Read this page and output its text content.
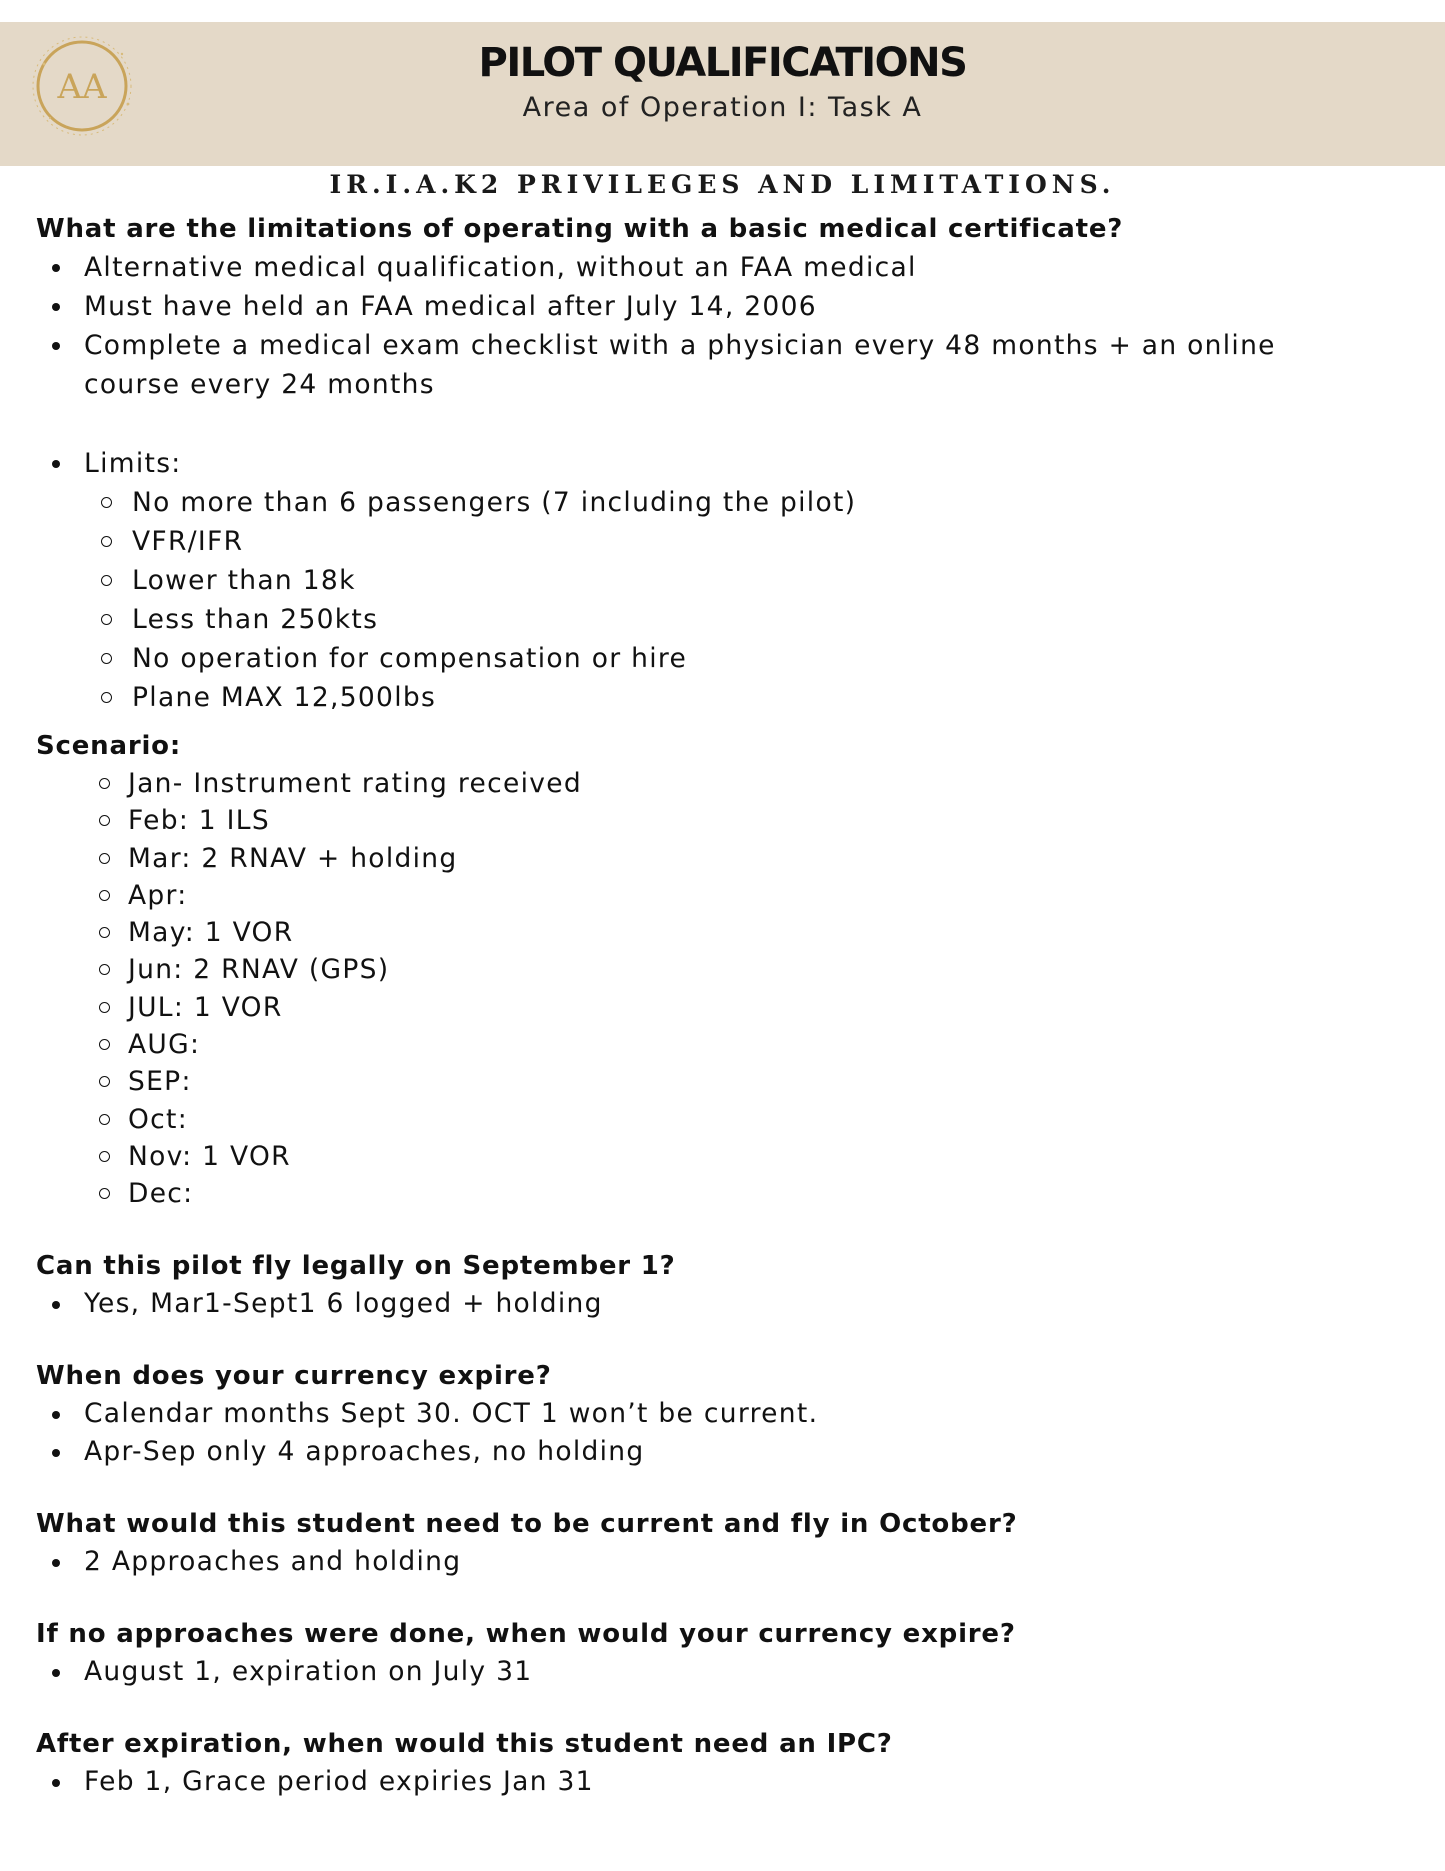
AA
PILOT QUALIFICATIONS
Area of Operation I: Task A
IR.I.A.K2 PRIVILEGES AND LIMITATIONS.

What are the limitations of operating with a basic medical certificate?

Alternative medical qualification, without an FAA medical
Must have held an FAA medical after July 14, 2006
Complete a medical exam checklist with a physician every 48 months + an online
course every 24 months
Limits:
No more than 6 passengers (7 including the pilot)
VFR/IFR
Lower than 18k
Less than 250kts
No operation for compensation or hire
Plane MAX 12,500lbs

Scenario:

Jan- Instrument rating received
Feb: 1 ILS
Mar: 2 RNAV + holding
Apr:
May: 1 VOR
Jun: 2 RNAV (GPS)
JUL: 1 VOR
AUG:
SEP:
Oct:
Nov: 1 VOR
Dec:

Can this pilot fly legally on September 1?

Yes, Mar1-Sept1 6 logged + holding

When does your currency expire?

Calendar months Sept 30. OCT 1 won’t be current.
Apr-Sep only 4 approaches, no holding

What would this student need to be current and fly in October?

2 Approaches and holding

If no approaches were done, when would your currency expire?

August 1, expiration on July 31

After expiration, when would this student need an IPC?

Feb 1, Grace period expiries Jan 31
